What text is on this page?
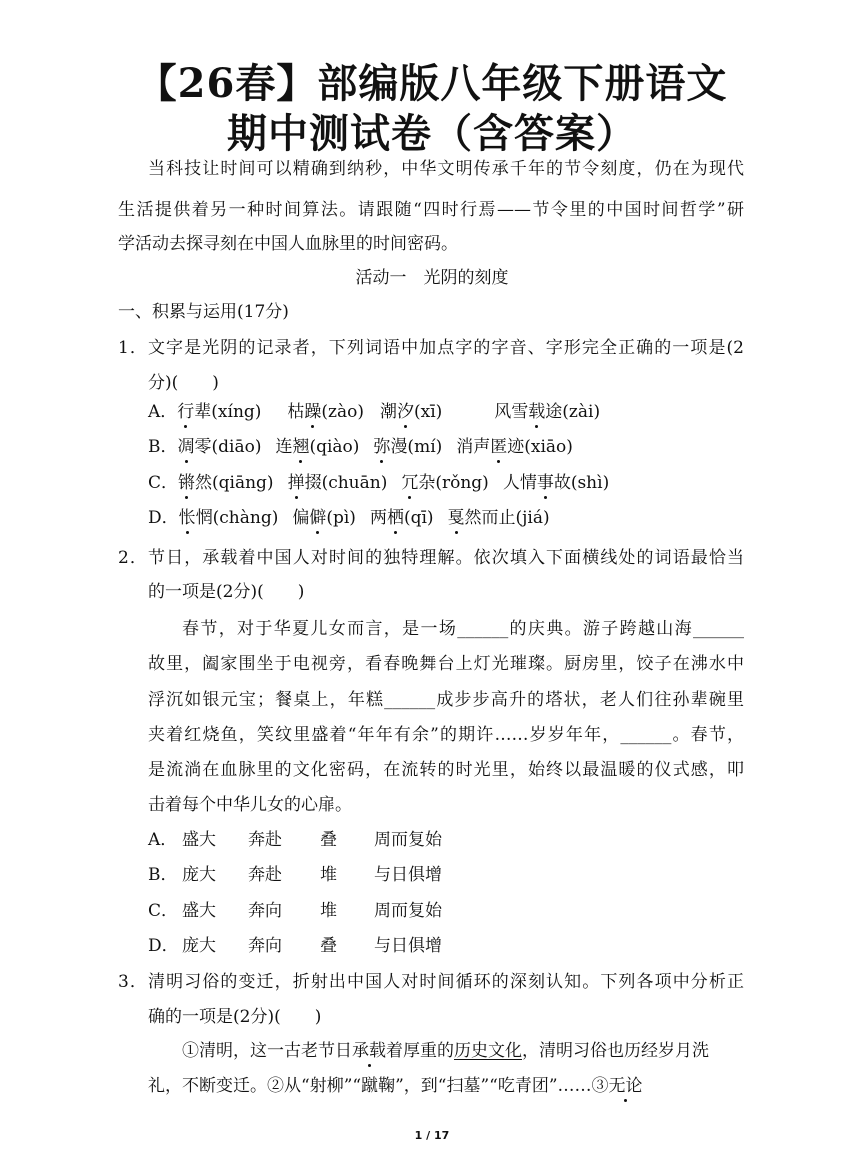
【26春】部编版八年级下册语文
期中测试卷（含答案）
当科技让时间可以精确到纳秒，中华文明传承千年的节令刻度，仍在为现代
生活提供着另一种时间算法。请跟随“四时行焉——节令里的中国时间哲学”研
学活动去探寻刻在中国人血脉里的时间密码。
活动一　光阴的刻度
一、积累与运用(17分)
1．文字是光阴的记录者，下列词语中加点字的字音、字形完全正确的一项是(2
分)(　　)
A．行辈(xíng) 枯躁(zào) 潮汐(xī)	风雪载途(zài)
B．凋零(diāo) 连翘(qiào) 弥漫(mí) 消声匿迹(xiāo)
C．锵然(qiāng) 掸掇(chuān) 冗杂(rǒng) 人情事故(shì)
D．怅惘(chàng) 偏僻(pì) 两栖(qī) 戛然而止(jiá)
2．节日，承载着中国人对时间的独特理解。依次填入下面横线处的词语最恰当
的一项是(2分)(　　)
春节，对于华夏儿女而言，是一场______的庆典。游子跨越山海______
故里，阖家围坐于电视旁，看春晚舞台上灯光璀璨。厨房里，饺子在沸水中
浮沉如银元宝；餐桌上，年糕______成步步高升的塔状，老人们往孙辈碗里
夹着红烧鱼，笑纹里盛着“年年有余”的期许……岁岁年年，______。春节，
是流淌在血脉里的文化密码，在流转的时光里，始终以最温暖的仪式感，叩
击着每个中华儿女的心扉。
A． 盛大 奔赴 叠 周而复始
B． 庞大 奔赴 堆 与日俱增
C． 盛大 奔向 堆 周而复始
D． 庞大 奔向 叠 与日俱增
3．清明习俗的变迁，折射出中国人对时间循环的深刻认知。下列各项中分析正
确的一项是(2分)(　　)
①清明，这一古老节日承载着厚重的历史文化，清明习俗也历经岁月洗
礼，不断变迁。②从“射柳”“蹴鞠”，到“扫墓”“吃青团”……③无论
1 / 17
